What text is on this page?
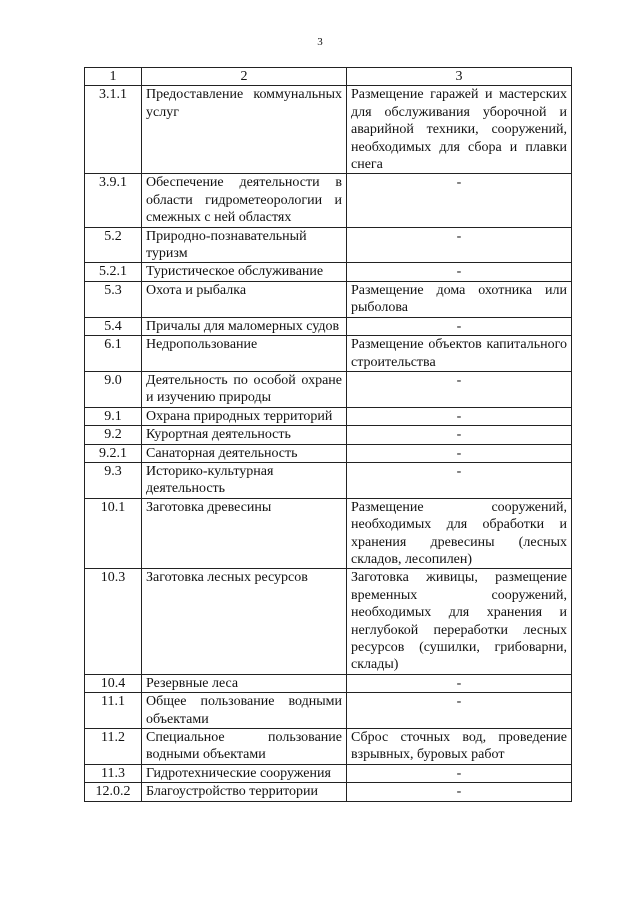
3
1	2	3
3.1.1	Предоставление коммунальных услуг	Размещение гаражей и мастерских для обслуживания уборочной и аварийной техники, сооружений, необходимых для сбора и плавки снега
3.9.1	Обеспечение деятельности в области гидрометеорологии и смежных с ней областях	-
5.2	Природно-познавательный туризм	-
5.2.1	Туристическое обслуживание	-
5.3	Охота и рыбалка	Размещение дома охотника или рыболова
5.4	Причалы для маломерных судов	-
6.1	Недропользование	Размещение объектов капитального строительства
9.0	Деятельность по особой охране и изучению природы	-
9.1	Охрана природных территорий	-
9.2	Курортная деятельность	-
9.2.1	Санаторная деятельность	-
9.3	Историко-культурная деятельность	-
10.1	Заготовка древесины	Размещение сооружений, необходимых для обработки и хранения древесины (лесных складов, лесопилен)
10.3	Заготовка лесных ресурсов	Заготовка живицы, размещение временных сооружений, необходимых для хранения и неглубокой переработки лесных ресурсов (сушилки, грибоварни, склады)
10.4	Резервные леса	-
11.1	Общее пользование водными объектами	-
11.2	Специальное пользование водными объектами	Сброс сточных вод, проведение взрывных, буровых работ
11.3	Гидротехнические сооружения	-
12.0.2	Благоустройство территории	-
